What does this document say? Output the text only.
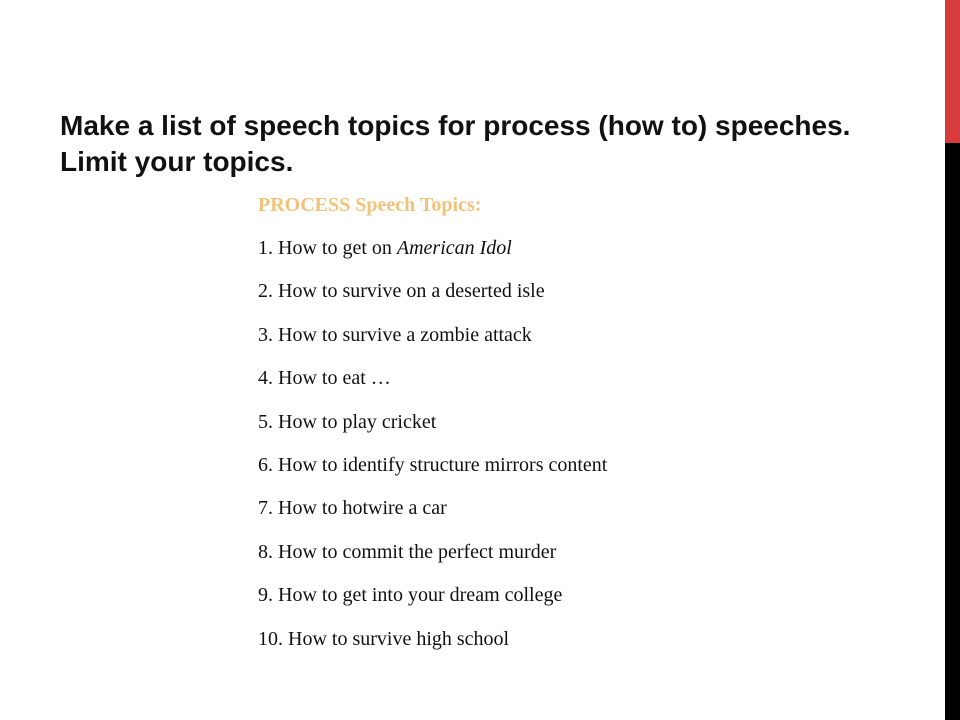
Make a list of speech topics for process (how to) speeches. Limit your topics.
PROCESS Speech Topics:
1. How to get on American Idol
2. How to survive on a deserted isle
3. How to survive a zombie attack
4. How to eat …
5. How to play cricket
6. How to identify structure mirrors content
7. How to hotwire a car
8. How to commit the perfect murder
9. How to get into your dream college
10. How to survive high school
